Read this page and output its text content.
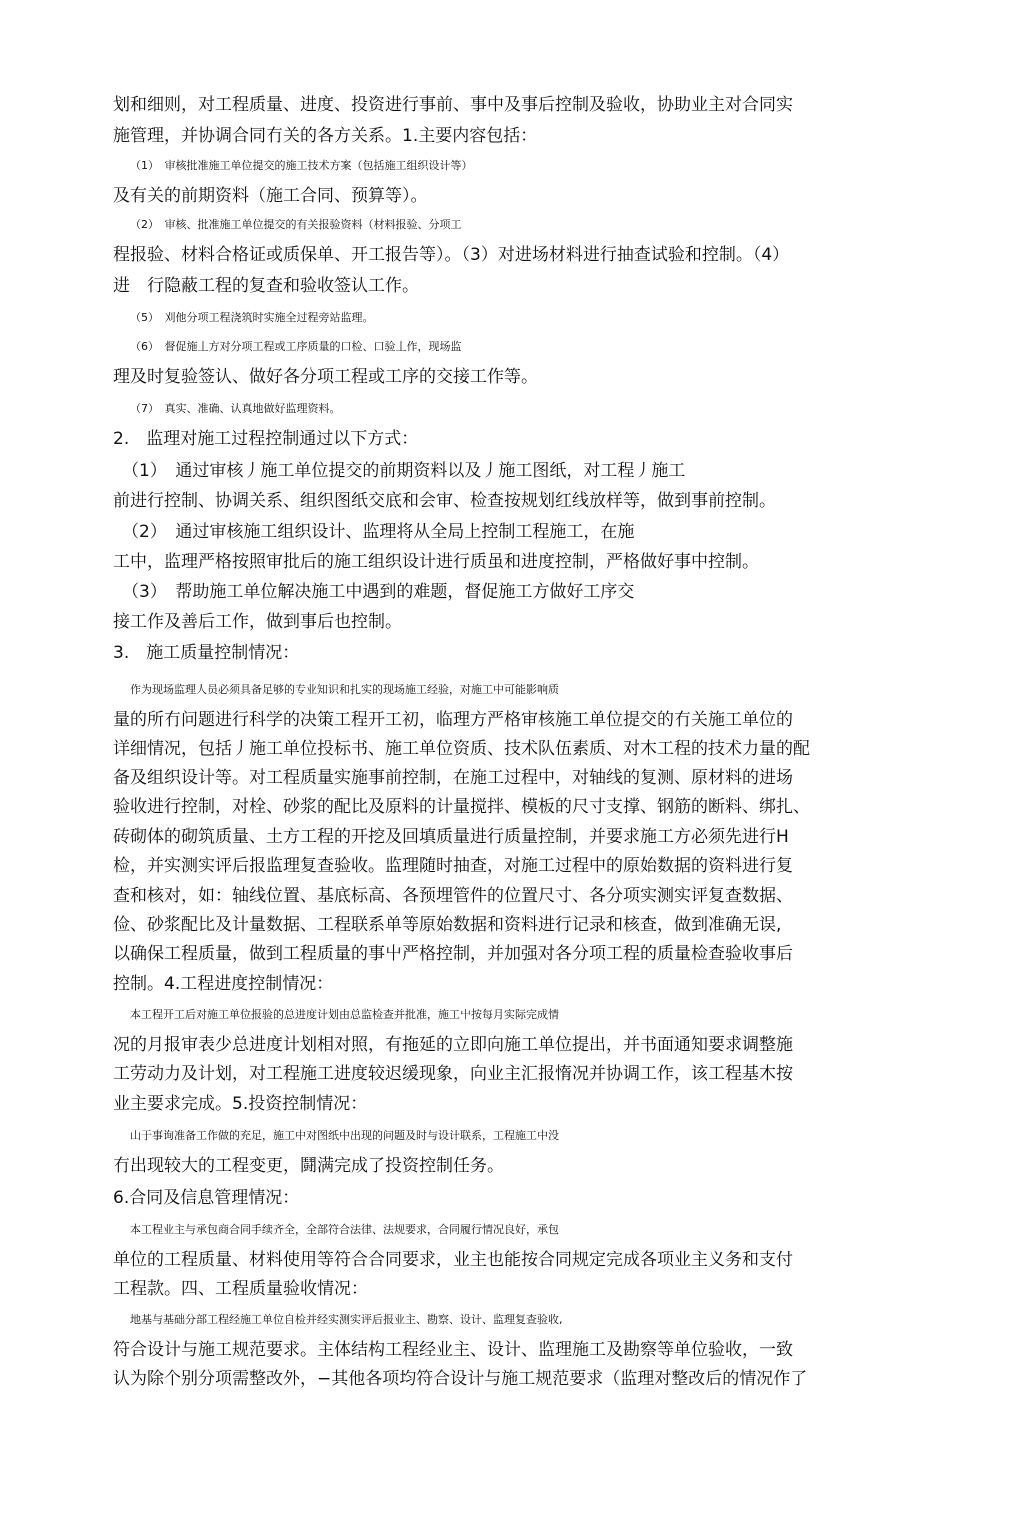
划和细则，对工程质量、进度、投资进行事前、事中及事后控制及验收，协助业主对合同实
施管理，并协调合同冇关的各方关系。1.主要内容包括：
（1）　审核批准施工单位提交的施工技术方案（包括施工组织设计等）
及有关的前期资料（施工合同、预算等）。
（2）　审核、批准施工单位提交的有关报验资料（材料报验、分项工
程报验、材料合格证或质保单、开工报告等）。（3）对进场材料进行抽查试验和控制。（4）
进　行隐蔽工程的复查和验收签认工作。
（5）　刈他分项工程浇筑时实施全过程旁站监理。
（6）　督促施丄方对分项工程或工序质量的口检、口验丄作，现场监
理及时复验签认、做好各分项工程或工序的交接工作等。
（7）　真实、准确、认真地做好监理资料。
2.　监理对施工过程控制通过以下方式：
（1）　通过审核丿施工单位提交的前期资料以及丿施工图纸，对工程丿施工
前进行控制、协调关系、组织图纸交底和会审、检查按规划红线放样等，做到事前控制。
（2）　通过审核施工组织设计、监理将从全局上控制工程施工，在施
工中，监理严格按照审批后的施工组织设计进行质虽和进度控制，严格做好事中控制。
（3）　帮助施工单位解决施工中遇到的难题，督促施工方做好工序交
接工作及善后工作，做到事后也控制。
3.　施工质量控制情况：
作为现场监理人员必须具备足够的专业知识和扎实的现场施工经验，对施工中可能影响质
量的所冇问题进行科学的决策工程开工初，临理方严格审核施工单位提交的冇关施工单位的
详细情况，包括丿施工单位投标书、施工单位资质、技术队伍素质、对木工程的技术力量的配
备及组织设计等。对工程质量实施事前控制，在施工过程中，对轴线的复测、原材料的进场
验收进行控制，对栓、砂浆的配比及原料的计量搅拌、模板的尺寸支撑、钢筋的断料、绑扎、
砖砌体的砌筑质量、土方工程的开挖及回填质量进行质量控制，并要求施工方必须先进行H
检，并实测实评后报监理复查验收。监理随时抽查，对施工过程中的原始数据的资料进行复
查和核对，如：轴线位置、基底标高、各预埋管件的位置尺寸、各分项实测实评复查数据、
俭、砂浆配比及计量数据、工程联系单等原始数据和资料进行记录和核查，做到准确无误,
以确保工程质量，做到工程质量的事屮严格控制，并加强对各分项工程的质量检查验收事后
控制。4.工程进度控制情况：
本工程开工后对施工单位报验的总进度计划由总监检查并批准，施工屮按每月实际完成情
况的月报审表少总进度计划相对照，有拖延的立即向施工单位提出，并书面通知要求调整施
工劳动力及计划，对工程施工进度较迟缓现象，向业主汇报惰况并协调工作，该工程基木按
业主要求完成。5.投资控制情况：
山于事询准备工作做的充足，施工中对图纸中出现的问题及时与设计联系，工程施工中没
冇出现较大的工程变更，鬪满完成了投资控制任务。
6.合同及信息管理情况：
本工程业主与承包商合同手续齐全，全部符合法律、法规要求，合同履行情况良好，承包
单位的工程质量、材料使用等符合合同要求，业主也能按合同规定完成各项业主义务和支付
工程款。四、工程质量验收情况：
地基与基础分部工程经施工单位自检并经实测实评后报业主、勘察、设计、监理复查验收,
符合设计与施工规范要求。主体结构工程经业主、设计、监理施工及勘察等单位验收，一致
认为除个别分项需整改外，−其他各项均符合设计与施工规范要求（监理对整改后的情况作了
